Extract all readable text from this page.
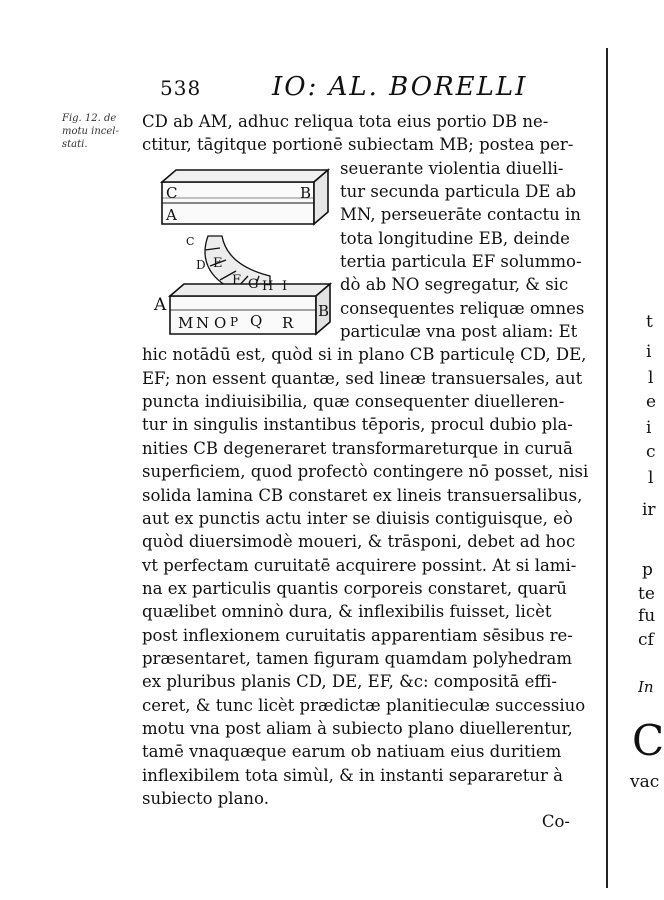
538	IO: AL. BORELLI
Fig. 12. de
motu incel-
stati.
C	B
A
C
D E
F G H I
A	B
M N O P Q R
CD ab AM, adhuc reliqua tota eius portio DB ne-
ctitur, tāgitque portionē subiectam MB; postea per-
seuerante violentia diuelli-
tur secunda particula DE ab
MN, perseuerāte contactu in
tota longitudine EB, deinde
tertia particula EF solummo-
dò ab NO segregatur, & sic
consequentes reliquæ omnes
particulæ vna post aliam: Et
hic notādū est, quòd si in plano CB particulę CD, DE,
EF; non essent quantæ, sed lineæ transuersales, aut
puncta indiuisibilia, quæ consequenter diuelleren-
tur in singulis instantibus tēporis, procul dubio pla-
nities CB degeneraret transformareturque in curuā
superficiem, quod profectò contingere nō posset, nisi
solida lamina CB constaret ex lineis transuersalibus,
aut ex punctis actu inter se diuisis contiguisque, eò
quòd diuersimodè moueri, & trāsponi, debet ad hoc
vt perfectam curuitatē acquirere possint. At si lami-
na ex particulis quantis corporeis constaret, quarū
quælibet omninò dura, & inflexibilis fuisset, licèt
post inflexionem curuitatis apparentiam sēsibus re-
præsentaret, tamen figuram quamdam polyhedram
ex pluribus planis CD, DE, EF, &c: compositā effi-
ceret, & tunc licèt prædictæ planitieculæ successiuo
motu vna post aliam à subiecto plano diuellerentur,
tamē vnaquæque earum ob natiuam eius duritiem
inflexibilem tota simùl, & in instanti separaretur à
subiecto plano.
Co-
t
i
l
e
i
c
l
ir
p
te
fu
cf
In
C
vac
